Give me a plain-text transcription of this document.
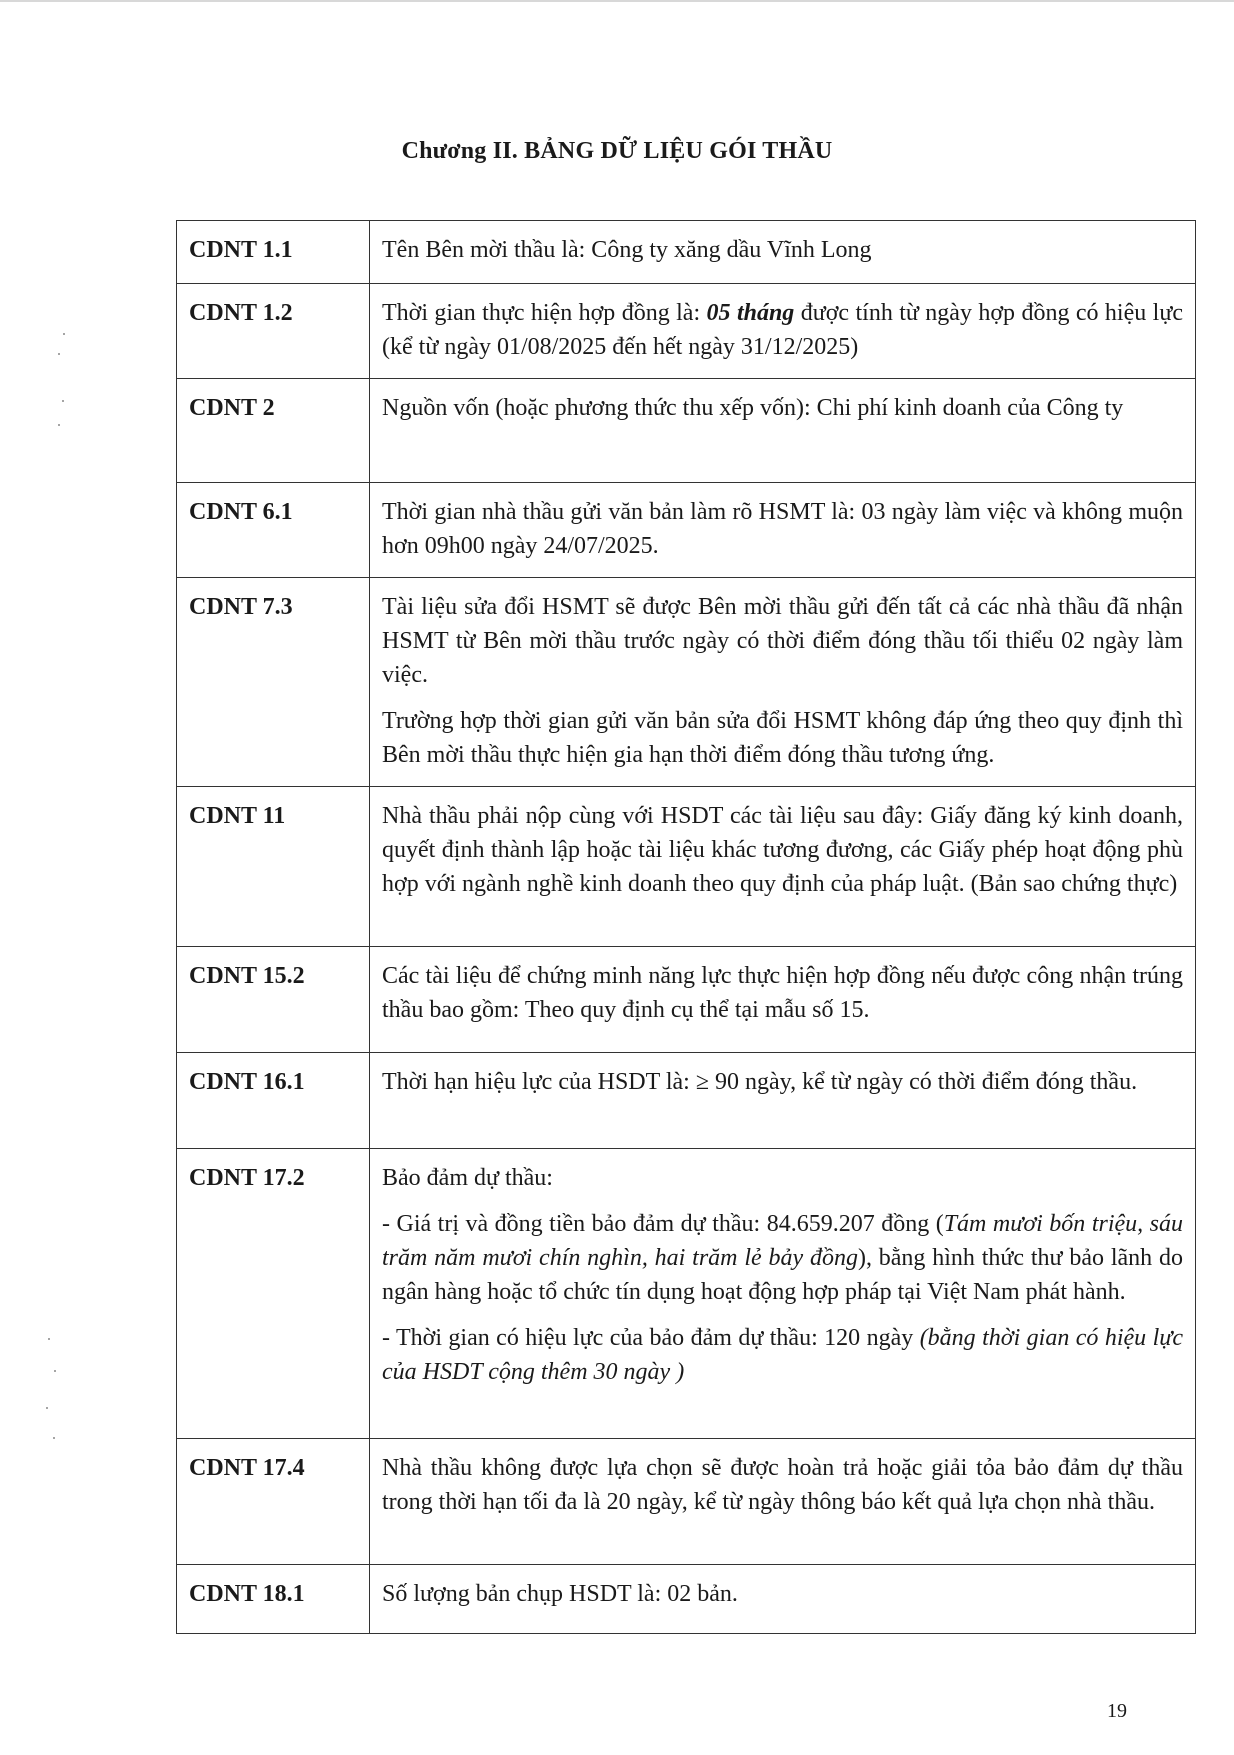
Chương II. BẢNG DỮ LIỆU GÓI THẦU
CDNT 1.1	Tên Bên mời thầu là: Công ty xăng dầu Vĩnh Long

CDNT 1.2	Thời gian thực hiện hợp đồng là: 05 tháng được tính từ ngày hợp đồng có hiệu lực (kể từ ngày 01/08/2025 đến hết ngày 31/12/2025)

CDNT 2	Nguồn vốn (hoặc phương thức thu xếp vốn): Chi phí kinh doanh của Công ty

CDNT 6.1	Thời gian nhà thầu gửi văn bản làm rõ HSMT là: 03 ngày làm việc và không muộn hơn 09h00 ngày 24/07/2025.

CDNT 7.3	Tài liệu sửa đổi HSMT sẽ được Bên mời thầu gửi đến tất cả các nhà thầu đã nhận HSMT từ Bên mời thầu trước ngày có thời điểm đóng thầu tối thiểu 02 ngày làm việc.

Trường hợp thời gian gửi văn bản sửa đổi HSMT không đáp ứng theo quy định thì Bên mời thầu thực hiện gia hạn thời điểm đóng thầu tương ứng.

CDNT 11	Nhà thầu phải nộp cùng với HSDT các tài liệu sau đây: Giấy đăng ký kinh doanh, quyết định thành lập hoặc tài liệu khác tương đương, các Giấy phép hoạt động phù hợp với ngành nghề kinh doanh theo quy định của pháp luật. (Bản sao chứng thực)

CDNT 15.2	Các tài liệu để chứng minh năng lực thực hiện hợp đồng nếu được công nhận trúng thầu bao gồm: Theo quy định cụ thể tại mẫu số 15.

CDNT 16.1	Thời hạn hiệu lực của HSDT là: ≥ 90 ngày, kể từ ngày có thời điểm đóng thầu.

CDNT 17.2	Bảo đảm dự thầu:

- Giá trị và đồng tiền bảo đảm dự thầu: 84.659.207 đồng (Tám mươi bốn triệu, sáu trăm năm mươi chín nghìn, hai trăm lẻ bảy đồng), bằng hình thức thư bảo lãnh do ngân hàng hoặc tổ chức tín dụng hoạt động hợp pháp tại Việt Nam phát hành.

- Thời gian có hiệu lực của bảo đảm dự thầu: 120 ngày (bằng thời gian có hiệu lực của HSDT cộng thêm 30 ngày )

CDNT 17.4	Nhà thầu không được lựa chọn sẽ được hoàn trả hoặc giải tỏa bảo đảm dự thầu trong thời hạn tối đa là 20 ngày, kể từ ngày thông báo kết quả lựa chọn nhà thầu.

CDNT 18.1	Số lượng bản chụp HSDT là: 02 bản.

19
